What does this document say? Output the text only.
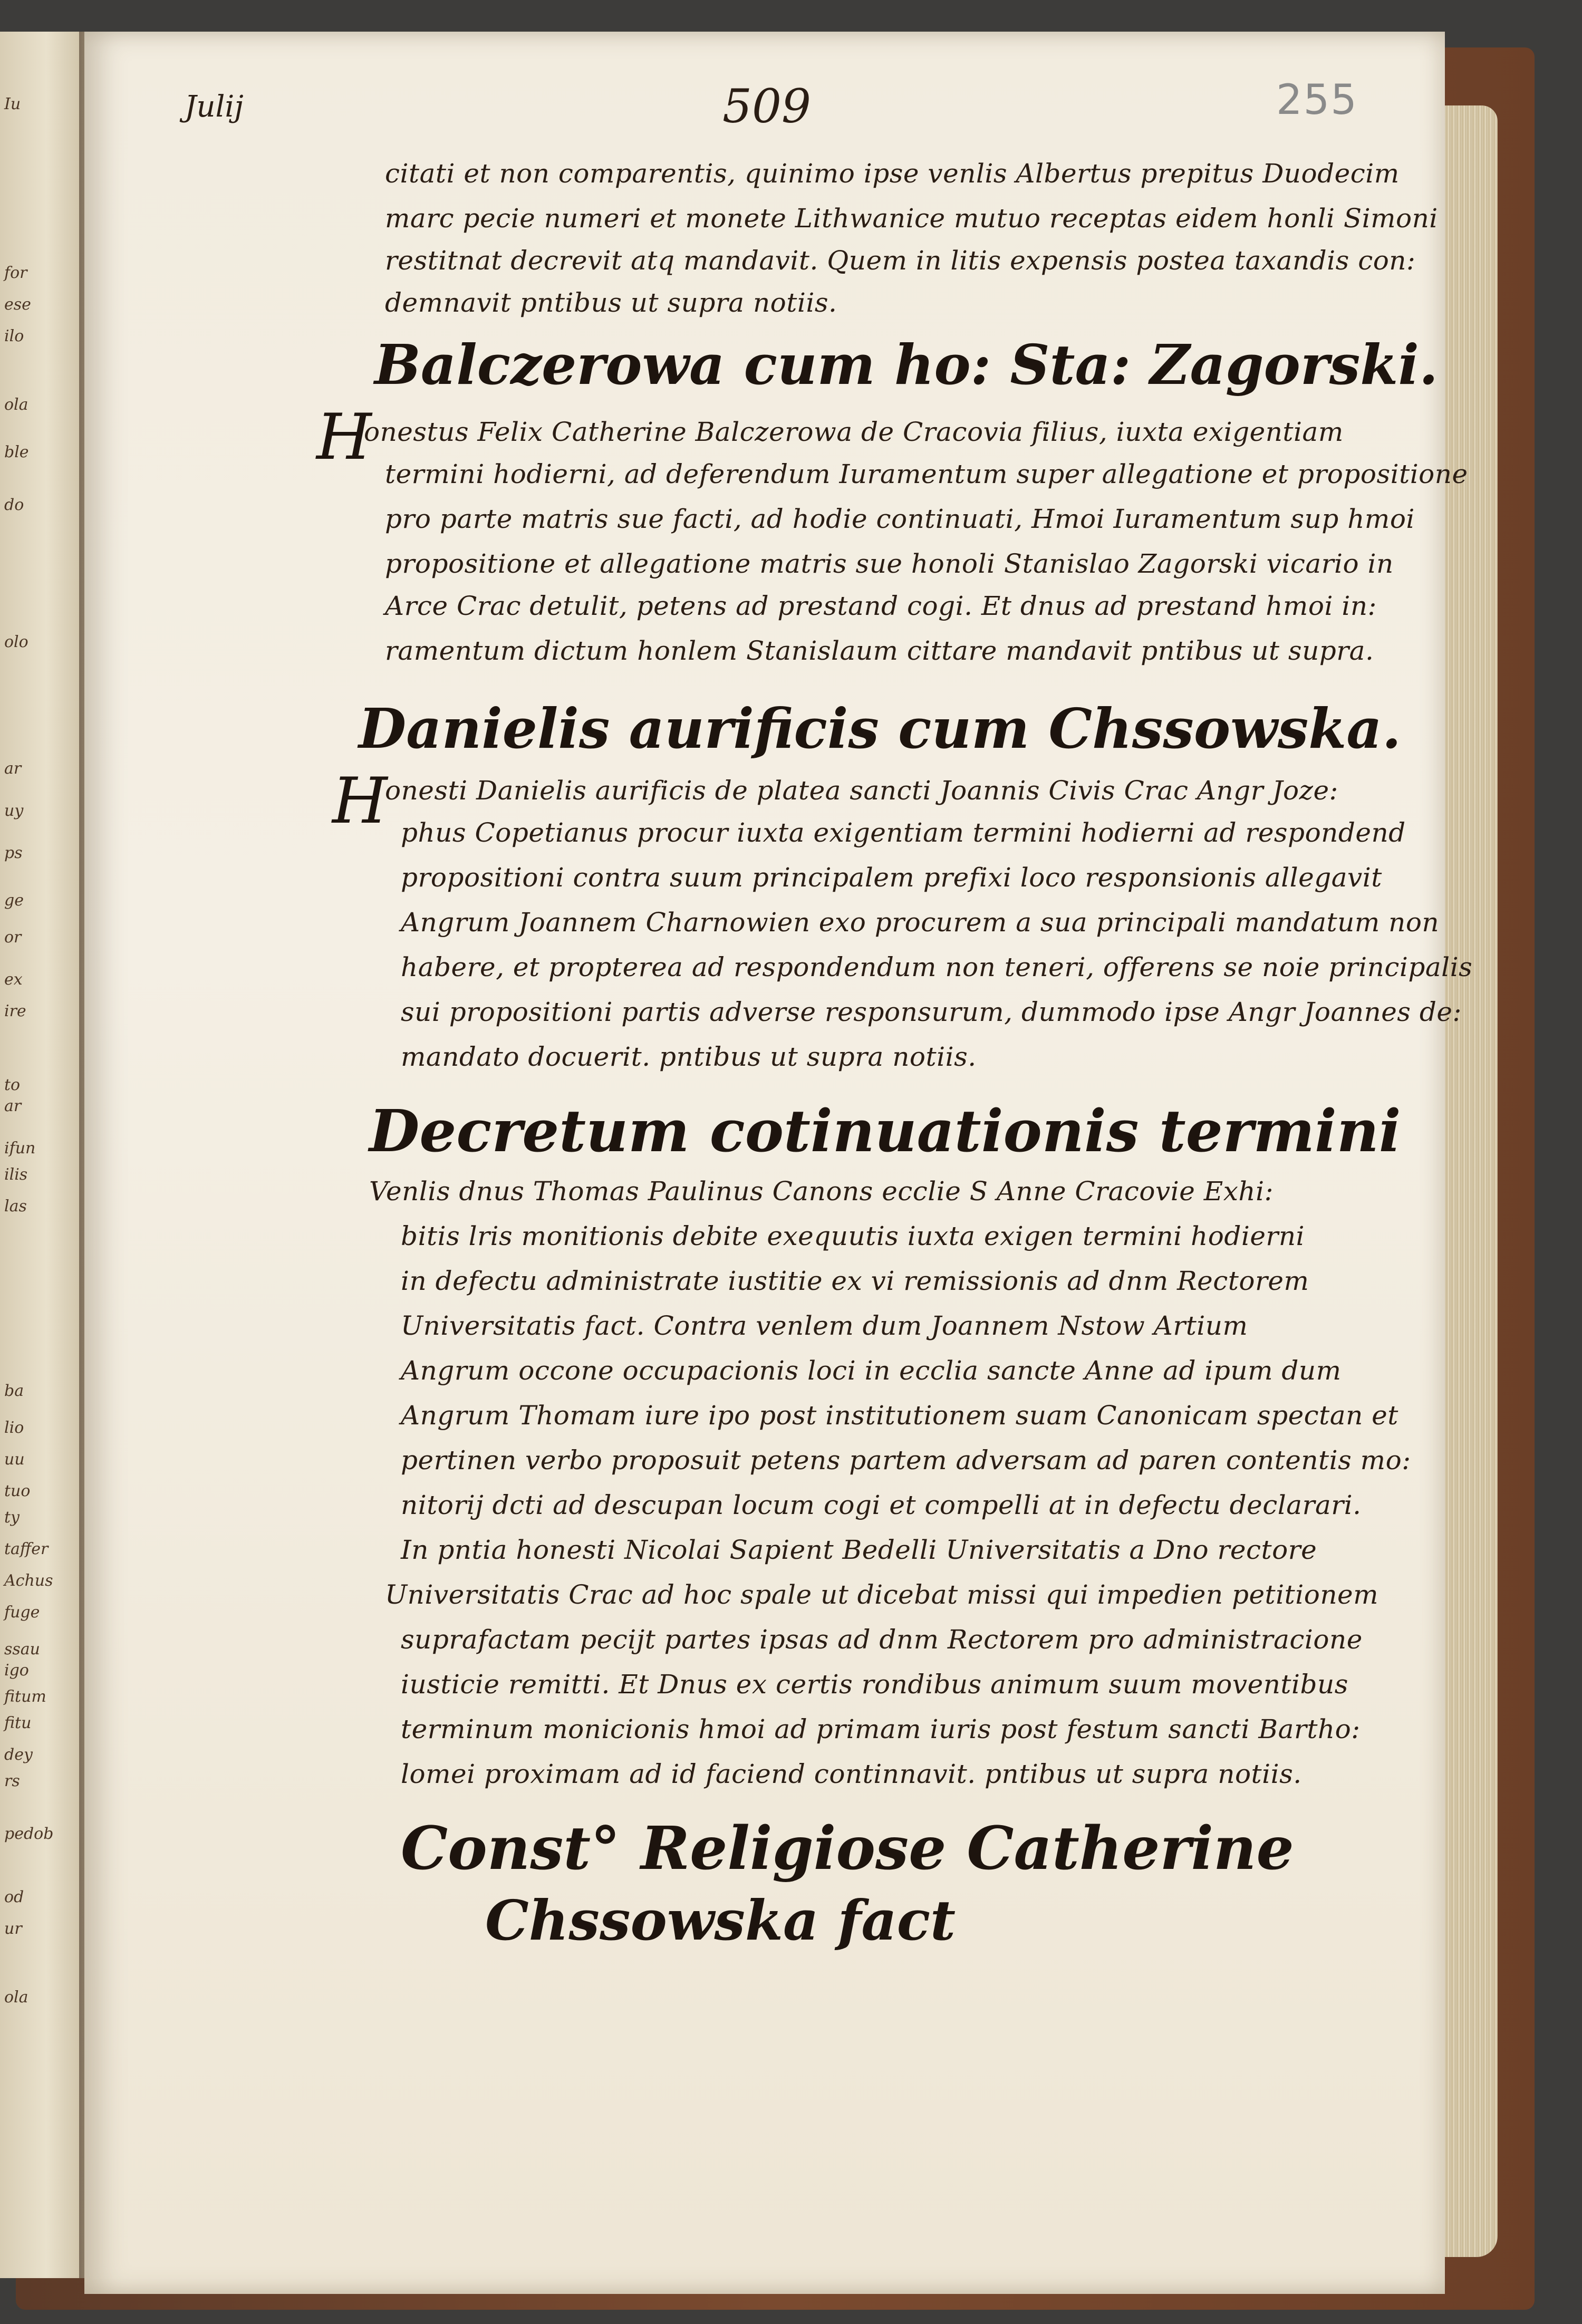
Iu
for
ese
ilo
ola
ble
do
olo
ar
uy
ps
ge
or
ex
ire
to
ar
ifun
ilis
las
ba
lio
uu
tuo
ty
taffer
Achus
fuge
ssau
igo
fitum
fitu
dey
rs
pedob
od
ur
ola
Julij	509	255
citati et non comparentis, quinimo ipse venlis Albertus prepitus Duodecim
marc pecie numeri et monete Lithwanice mutuo receptas eidem honli Simoni
restitnat decrevit atq mandavit. Quem in litis expensis postea taxandis con:
demnavit pntibus ut supra notiis.
Balczerowa cum ho: Sta: Zagorski.
H
onestus Felix Catherine Balczerowa de Cracovia filius, iuxta exigentiam
termini hodierni, ad deferendum Iuramentum super allegatione et propositione
pro parte matris sue facti, ad hodie continuati, Hmoi Iuramentum sup hmoi
propositione et allegatione matris sue honoli Stanislao Zagorski vicario in
Arce Crac detulit, petens ad prestand cogi. Et dnus ad prestand hmoi in:
ramentum dictum honlem Stanislaum cittare mandavit pntibus ut supra.
Danielis aurificis cum Chssowska.
H
onesti Danielis aurificis de platea sancti Joannis Civis Crac Angr Joze:
phus Copetianus procur iuxta exigentiam termini hodierni ad respondend
propositioni contra suum principalem prefixi loco responsionis allegavit
Angrum Joannem Charnowien exo procurem a sua principali mandatum non
habere, et propterea ad respondendum non teneri, offerens se noie principalis
sui propositioni partis adverse responsurum, dummodo ipse Angr Joannes de:
mandato docuerit. pntibus ut supra notiis.
Decretum cotinuationis termini
Venlis dnus Thomas Paulinus Canons ecclie S Anne Cracovie Exhi:
bitis lris monitionis debite exequutis iuxta exigen termini hodierni
in defectu administrate iustitie ex vi remissionis ad dnm Rectorem
Universitatis fact. Contra venlem dum Joannem Nstow Artium
Angrum occone occupacionis loci in ecclia sancte Anne ad ipum dum
Angrum Thomam iure ipo post institutionem suam Canonicam spectan et
pertinen verbo proposuit petens partem adversam ad paren contentis mo:
nitorij dcti ad descupan locum cogi et compelli at in defectu declarari.
In pntia honesti Nicolai Sapient Bedelli Universitatis a Dno rectore
Universitatis Crac ad hoc spale ut dicebat missi qui impedien petitionem
suprafactam pecijt partes ipsas ad dnm Rectorem pro administracione
iusticie remitti. Et Dnus ex certis rondibus animum suum moventibus
terminum monicionis hmoi ad primam iuris post festum sancti Bartho:
lomei proximam ad id faciend continnavit. pntibus ut supra notiis.
Const° Religiose Catherine
Chssowska fact
